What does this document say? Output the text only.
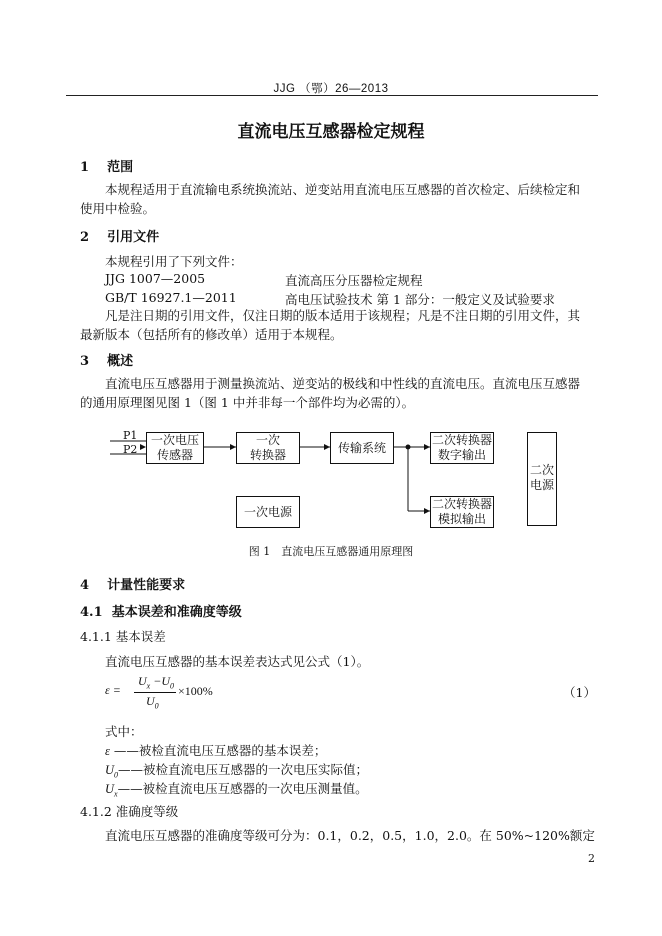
JJG （鄂）26—2013
直流电压互感器检定规程
1 范围
本规程适用于直流输电系统换流站、逆变站用直流电压互感器的首次检定、后续检定和使用中检验。
2 引用文件
本规程引用了下列文件：
JJG 1007—2005	直流高压分压器检定规程
GB/T 16927.1—2011	高电压试验技术 第 1 部分：一般定义及试验要求
凡是注日期的引用文件，仅注日期的版本适用于该规程；凡是不注日期的引用文件，其最新版本（包括所有的修改单）适用于本规程。
3 概述
直流电压互感器用于测量换流站、逆变站的极线和中性线的直流电压。直流电压互感器的通用原理图见图 1（图 1 中并非每一个部件均为必需的）。
P1
P2
一次电压
传感器
一次
转换器	传输系统
二次转换器
数字输出
二次转换器
模拟输出
一次电源
二次
电源
图 1　直流电压互感器通用原理图
4 计量性能要求
4.1 基本误差和准确度等级
4.1.1 基本误差
直流电压互感器的基本误差表达式见公式（1）。
ε =
$U_x -U_0$
$U_0$
×100%	（1）
式中：
ε ——被检直流电压互感器的基本误差；
$U_0——$被检直流电压互感器的一次电压实际值；
$U_x——$被检直流电压互感器的一次电压测量值。
4.1.2 准确度等级
直流电压互感器的准确度等级可分为：0.1，0.2，0.5，1.0，2.0。在 50%~120%额定
2
